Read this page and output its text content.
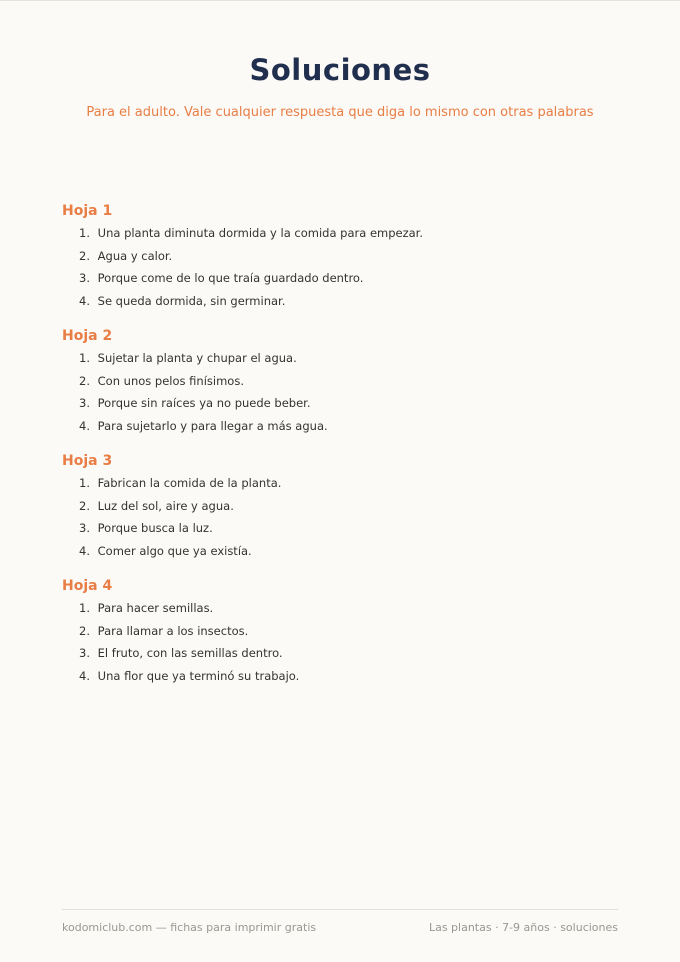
Soluciones
Para el adulto. Vale cualquier respuesta que diga lo mismo con otras palabras
Hoja 1
1. Una planta diminuta dormida y la comida para empezar.
2. Agua y calor.
3. Porque come de lo que traía guardado dentro.
4. Se queda dormida, sin germinar.
Hoja 2
1. Sujetar la planta y chupar el agua.
2. Con unos pelos finísimos.
3. Porque sin raíces ya no puede beber.
4. Para sujetarlo y para llegar a más agua.
Hoja 3
1. Fabrican la comida de la planta.
2. Luz del sol, aire y agua.
3. Porque busca la luz.
4. Comer algo que ya existía.
Hoja 4
1. Para hacer semillas.
2. Para llamar a los insectos.
3. El fruto, con las semillas dentro.
4. Una flor que ya terminó su trabajo.
kodomiclub.com — fichas para imprimir gratis	Las plantas · 7-9 años · soluciones
